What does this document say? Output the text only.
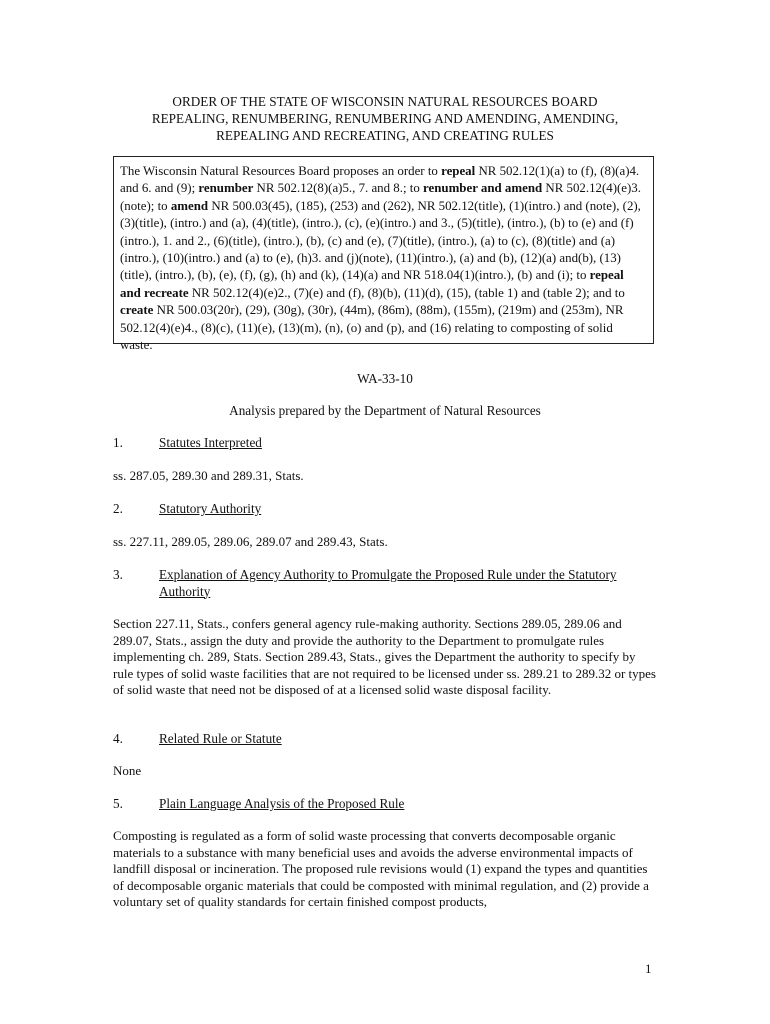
ORDER OF THE STATE OF WISCONSIN NATURAL RESOURCES BOARD
REPEALING, RENUMBERING, RENUMBERING AND AMENDING, AMENDING,
REPEALING AND RECREATING, AND CREATING RULES
The Wisconsin Natural Resources Board proposes an order to repeal NR 502.12(1)(a) to (f), (8)(a)4. and 6. and (9); renumber NR 502.12(8)(a)5., 7. and 8.; to renumber and amend NR 502.12(4)(e)3.(note); to amend NR 500.03(45), (185), (253) and (262), NR 502.12(title), (1)(intro.) and (note), (2), (3)(title), (intro.) and (a), (4)(title), (intro.), (c), (e)(intro.) and 3., (5)(title), (intro.), (b) to (e) and (f)(intro.), 1. and 2., (6)(title), (intro.), (b), (c) and (e), (7)(title), (intro.), (a) to (c), (8)(title) and (a)(intro.), (10)(intro.) and (a) to (e), (h)3. and (j)(note), (11)(intro.), (a) and (b), (12)(a) and(b), (13)(title), (intro.), (b), (e), (f), (g), (h) and (k), (14)(a) and NR 518.04(1)(intro.), (b) and (i); to repeal and recreate NR 502.12(4)(e)2., (7)(e) and (f), (8)(b), (11)(d), (15), (table 1) and (table 2); and to create NR 500.03(20r), (29), (30g), (30r), (44m), (86m), (88m), (155m), (219m) and (253m), NR 502.12(4)(e)4., (8)(c), (11)(e), (13)(m), (n), (o) and (p), and (16) relating to composting of solid waste.
WA-33-10
Analysis prepared by the Department of Natural Resources
1.	Statutes Interpreted
ss. 287.05, 289.30 and 289.31, Stats.
2.	Statutory Authority
ss. 227.11, 289.05, 289.06, 289.07 and 289.43, Stats.
3.	Explanation of Agency Authority to Promulgate the Proposed Rule under the Statutory Authority
Section 227.11, Stats., confers general agency rule-making authority. Sections 289.05, 289.06 and 289.07, Stats., assign the duty and provide the authority to the Department to promulgate rules implementing ch. 289, Stats. Section 289.43, Stats., gives the Department the authority to specify by rule types of solid waste facilities that are not required to be licensed under ss. 289.21 to 289.32 or types of solid waste that need not be disposed of at a licensed solid waste disposal facility.
4.	Related Rule or Statute
None
5.	Plain Language Analysis of the Proposed Rule
Composting is regulated as a form of solid waste processing that converts decomposable organic materials to a substance with many beneficial uses and avoids the adverse environmental impacts of landfill disposal or incineration. The proposed rule revisions would (1) expand the types and quantities of decomposable organic materials that could be composted with minimal regulation, and (2) provide a voluntary set of quality standards for certain finished compost products,
1
